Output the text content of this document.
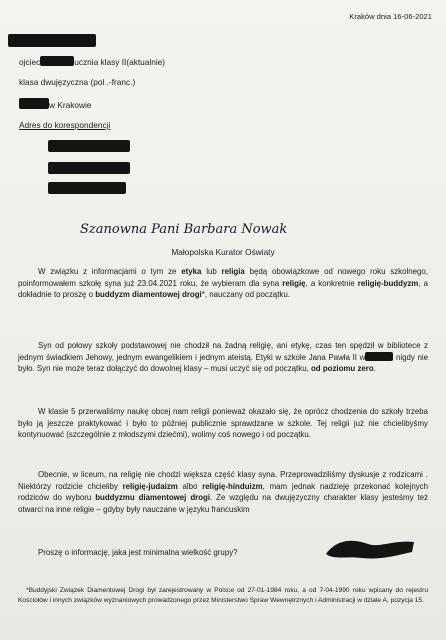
Kraków dnia 16-06-2021
ojciec	ucznia klasy II(aktualnie)
klasa dwujęzyczna (pol .-franc.)
w Krakowie
Adres do korespondencji
Szanowna Pani Barbara Nowak
Małopolska Kurator Oświaty

W związku z informacjami o tym ze etyka lub religia będą obowiązkowe od nowego roku szkolnego, poinformowałem szkołę syna już 23.04.2021 roku, że wybieram dla syna religię, a konkretnie religię-buddyzm, a dokładnie to proszę o buddyzm diamentowej drogi*, nauczany od początku.

Syn od połowy szkoły podstawowej nie chodził na żadną religię, ani etykę, czas ten spędził w bibliotece z jednym świadkiem Jehowy, jednym ewangelikiem i jednym ateistą. Etyki w szkole Jana Pawła II w	nigdy nie było. Syn nie może teraz dołączyć do dowolnej klasy – musi uczyć się od początku, od poziomu zero.

W klasie 5 przerwaliśmy naukę obcej nam religii ponieważ okazało się, że oprócz chodzenia do szkoły trzeba było ją jeszcze praktykować i było to później publicznie sprawdzane w szkole. Tej religii już nie chcielibyśmy kontynuować (szczególnie z młodszymi dziećmi), wolimy coś nowego i od początku.

Obecnie, w liceum, na religię nie chodzi większa część klasy syna. Przeprowadziliśmy dyskusje z rodzicami . Niektórzy rodzicie chcieliby religię-judaizm albo religię-hinduizm, mam jednak nadzieję przekonać kolejnych rodziców do wyboru buddyzmu diamentowej drogi. Ze względu na dwujęzyczny charakter klasy jesteśmy też otwarci na inne religie – gdyby były nauczane w języku francuskim

Proszę o informację, jaka jest minimalna wielkość grupy?

*Buddyjski Związek Diamentowej Drogi był zarejestrowany w Polsce od 27-01-1984 roku, a od 7-04-1990 roku wpisany do rejestru Kościołów i innych związków wyznaniowych prowadzonego przez Ministerstwo Spraw Wewnętrznych i Administracji w dziale A, pozycja 15.
